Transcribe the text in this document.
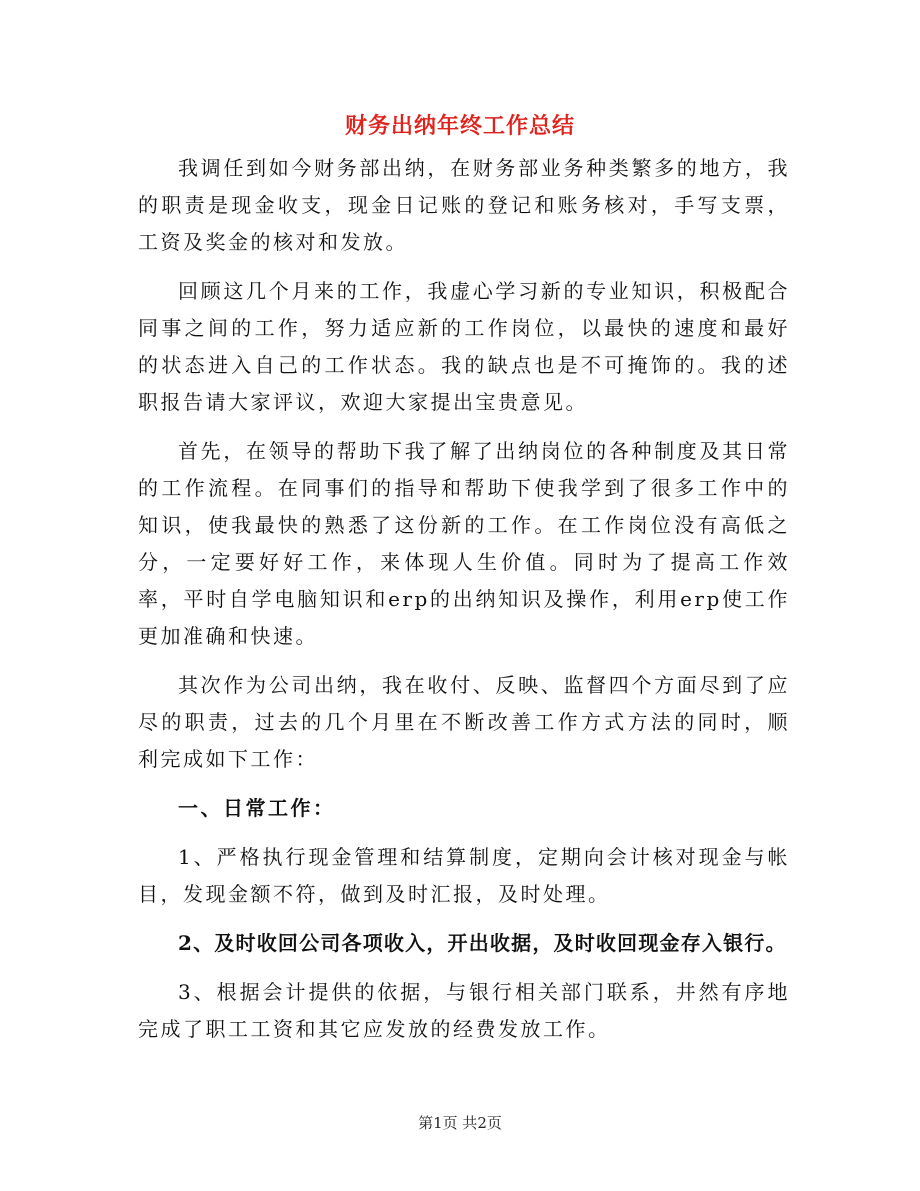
财务出纳年终工作总结

我调任到如今财务部出纳，在财务部业务种类繁多的地方，我的职责是现金收支，现金日记账的登记和账务核对，手写支票，工资及奖金的核对和发放。

回顾这几个月来的工作，我虚心学习新的专业知识，积极配合同事之间的工作，努力适应新的工作岗位，以最快的速度和最好的状态进入自己的工作状态。我的缺点也是不可掩饰的。我的述职报告请大家评议，欢迎大家提出宝贵意见。

首先，在领导的帮助下我了解了出纳岗位的各种制度及其日常的工作流程。在同事们的指导和帮助下使我学到了很多工作中的知识，使我最快的熟悉了这份新的工作。在工作岗位没有高低之分，一定要好好工作，来体现人生价值。同时为了提高工作效率，平时自学电脑知识和erp的出纳知识及操作，利用erp使工作更加准确和快速。

其次作为公司出纳，我在收付、反映、监督四个方面尽到了应尽的职责，过去的几个月里在不断改善工作方式方法的同时，顺利完成如下工作：

一、日常工作：

1、严格执行现金管理和结算制度，定期向会计核对现金与帐目，发现金额不符，做到及时汇报，及时处理。

2、及时收回公司各项收入，开出收据，及时收回现金存入银行。

3、根据会计提供的依据，与银行相关部门联系，井然有序地完成了职工工资和其它应发放的经费发放工作。

第1页 共2页
